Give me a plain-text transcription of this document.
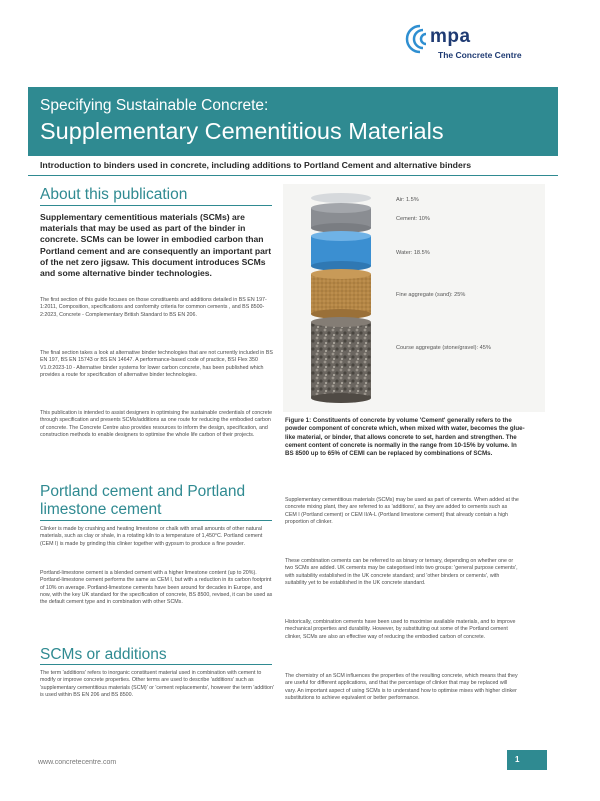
mpa
The Concrete Centre
Specifying Sustainable Concrete:
Supplementary Cementitious Materials
Introduction to binders used in concrete, including additions to Portland Cement and alternative binders
About this publication
Supplementary cementitious materials (SCMs) are materials that may be used as part of the binder in concrete. SCMs can be lower in embodied carbon than Portland cement and are consequently an important part of the net zero jigsaw. This document introduces SCMs and some alternative binder technologies.
The first section of this guide focuses on those constituents and additions detailed in BS EN 197-1:2011, Composition, specifications and conformity criteria for common cements , and BS 8500-2:2023, Concrete - Complementary British Standard to BS EN 206.
The final section takes a look at alternative binder technologies that are not currently included in BS EN 197, BS EN 15743 or BS EN 14647. A performance-based code of practice, BSI Flex 350 V1.0:2023-10 - Alternative binder systems for lower carbon concrete, has been published which provides a route for specification of alternative binder technologies.
This publication is intended to assist designers in optimising the sustainable credentials of concrete through specification and presents SCMs/additions as one route for reducing the embodied carbon of concrete. The Concrete Centre also provides resources to inform the design, specification, and construction methods to enable designers to optimise the whole life carbon of their projects.
Portland cement and Portland limestone cement
Clinker is made by crushing and heating limestone or chalk with small amounts of other natural materials, such as clay or shale, in a rotating kiln to a temperature of 1,450°C. Portland cement (CEM I) is made by grinding this clinker together with gypsum to produce a fine powder.
Portland-limestone cement is a blended cement with a higher limestone content (up to 20%). Portland-limestone cement performs the same as CEM I, but with a reduction in its carbon footprint of 10% on average. Portland-limestone cements have been around for decades in Europe, and now, with the key UK standard for the specification of concrete, BS 8500, revised, it can be used as the default cement type and in combination with other SCMs.
SCMs or additions
The term 'additions' refers to inorganic constituent material used in combination with cement to modify or improve concrete properties. Other terms are used to describe 'additions' such as 'supplementary cementitious materials (SCM)' or 'cement replacements', however the term 'addition' is used within BS EN 206 and BS 8500.
Air: 1.5%
Cement: 10%
Water: 18.5%
Fine aggregate (sand): 25%
Course aggregate (stone/gravel): 45%
Figure 1: Constituents of concrete by volume 'Cement' generally refers to the powder component of concrete which, when mixed with water, becomes the glue-like material, or binder, that allows concrete to set, harden and strengthen. The cement content of concrete is normally in the range from 10-15% by volume. In BS 8500 up to 65% of CEMI can be replaced by combinations of SCMs.
Supplementary cementitious materials (SCMs) may be used as part of cements. When added at the concrete mixing plant, they are referred to as 'additions', as they are added to cements such as CEM I (Portland cement) or CEM II/A-L (Portland limestone cement) that already contain a high proportion of clinker.
These combination cements can be referred to as binary or ternary, depending on whether one or two SCMs are added. UK cements may be categorised into two groups: 'general purpose cements', with suitability established in the UK concrete standard; and 'other binders or cements', with suitability yet to be established in the UK concrete standard.
Historically, combination cements have been used to maximise available materials, and to improve mechanical properties and durability. However, by substituting out some of the Portland cement clinker, SCMs are also an effective way of reducing the embodied carbon of concrete.
The chemistry of an SCM influences the properties of the resulting concrete, which means that they are useful for different applications, and that the percentage of clinker that may be replaced will vary. An important aspect of using SCMs is to understand how to optimise mixes with higher clinker substitutions to achieve equivalent or better performance.
www.concretecentre.com	1
